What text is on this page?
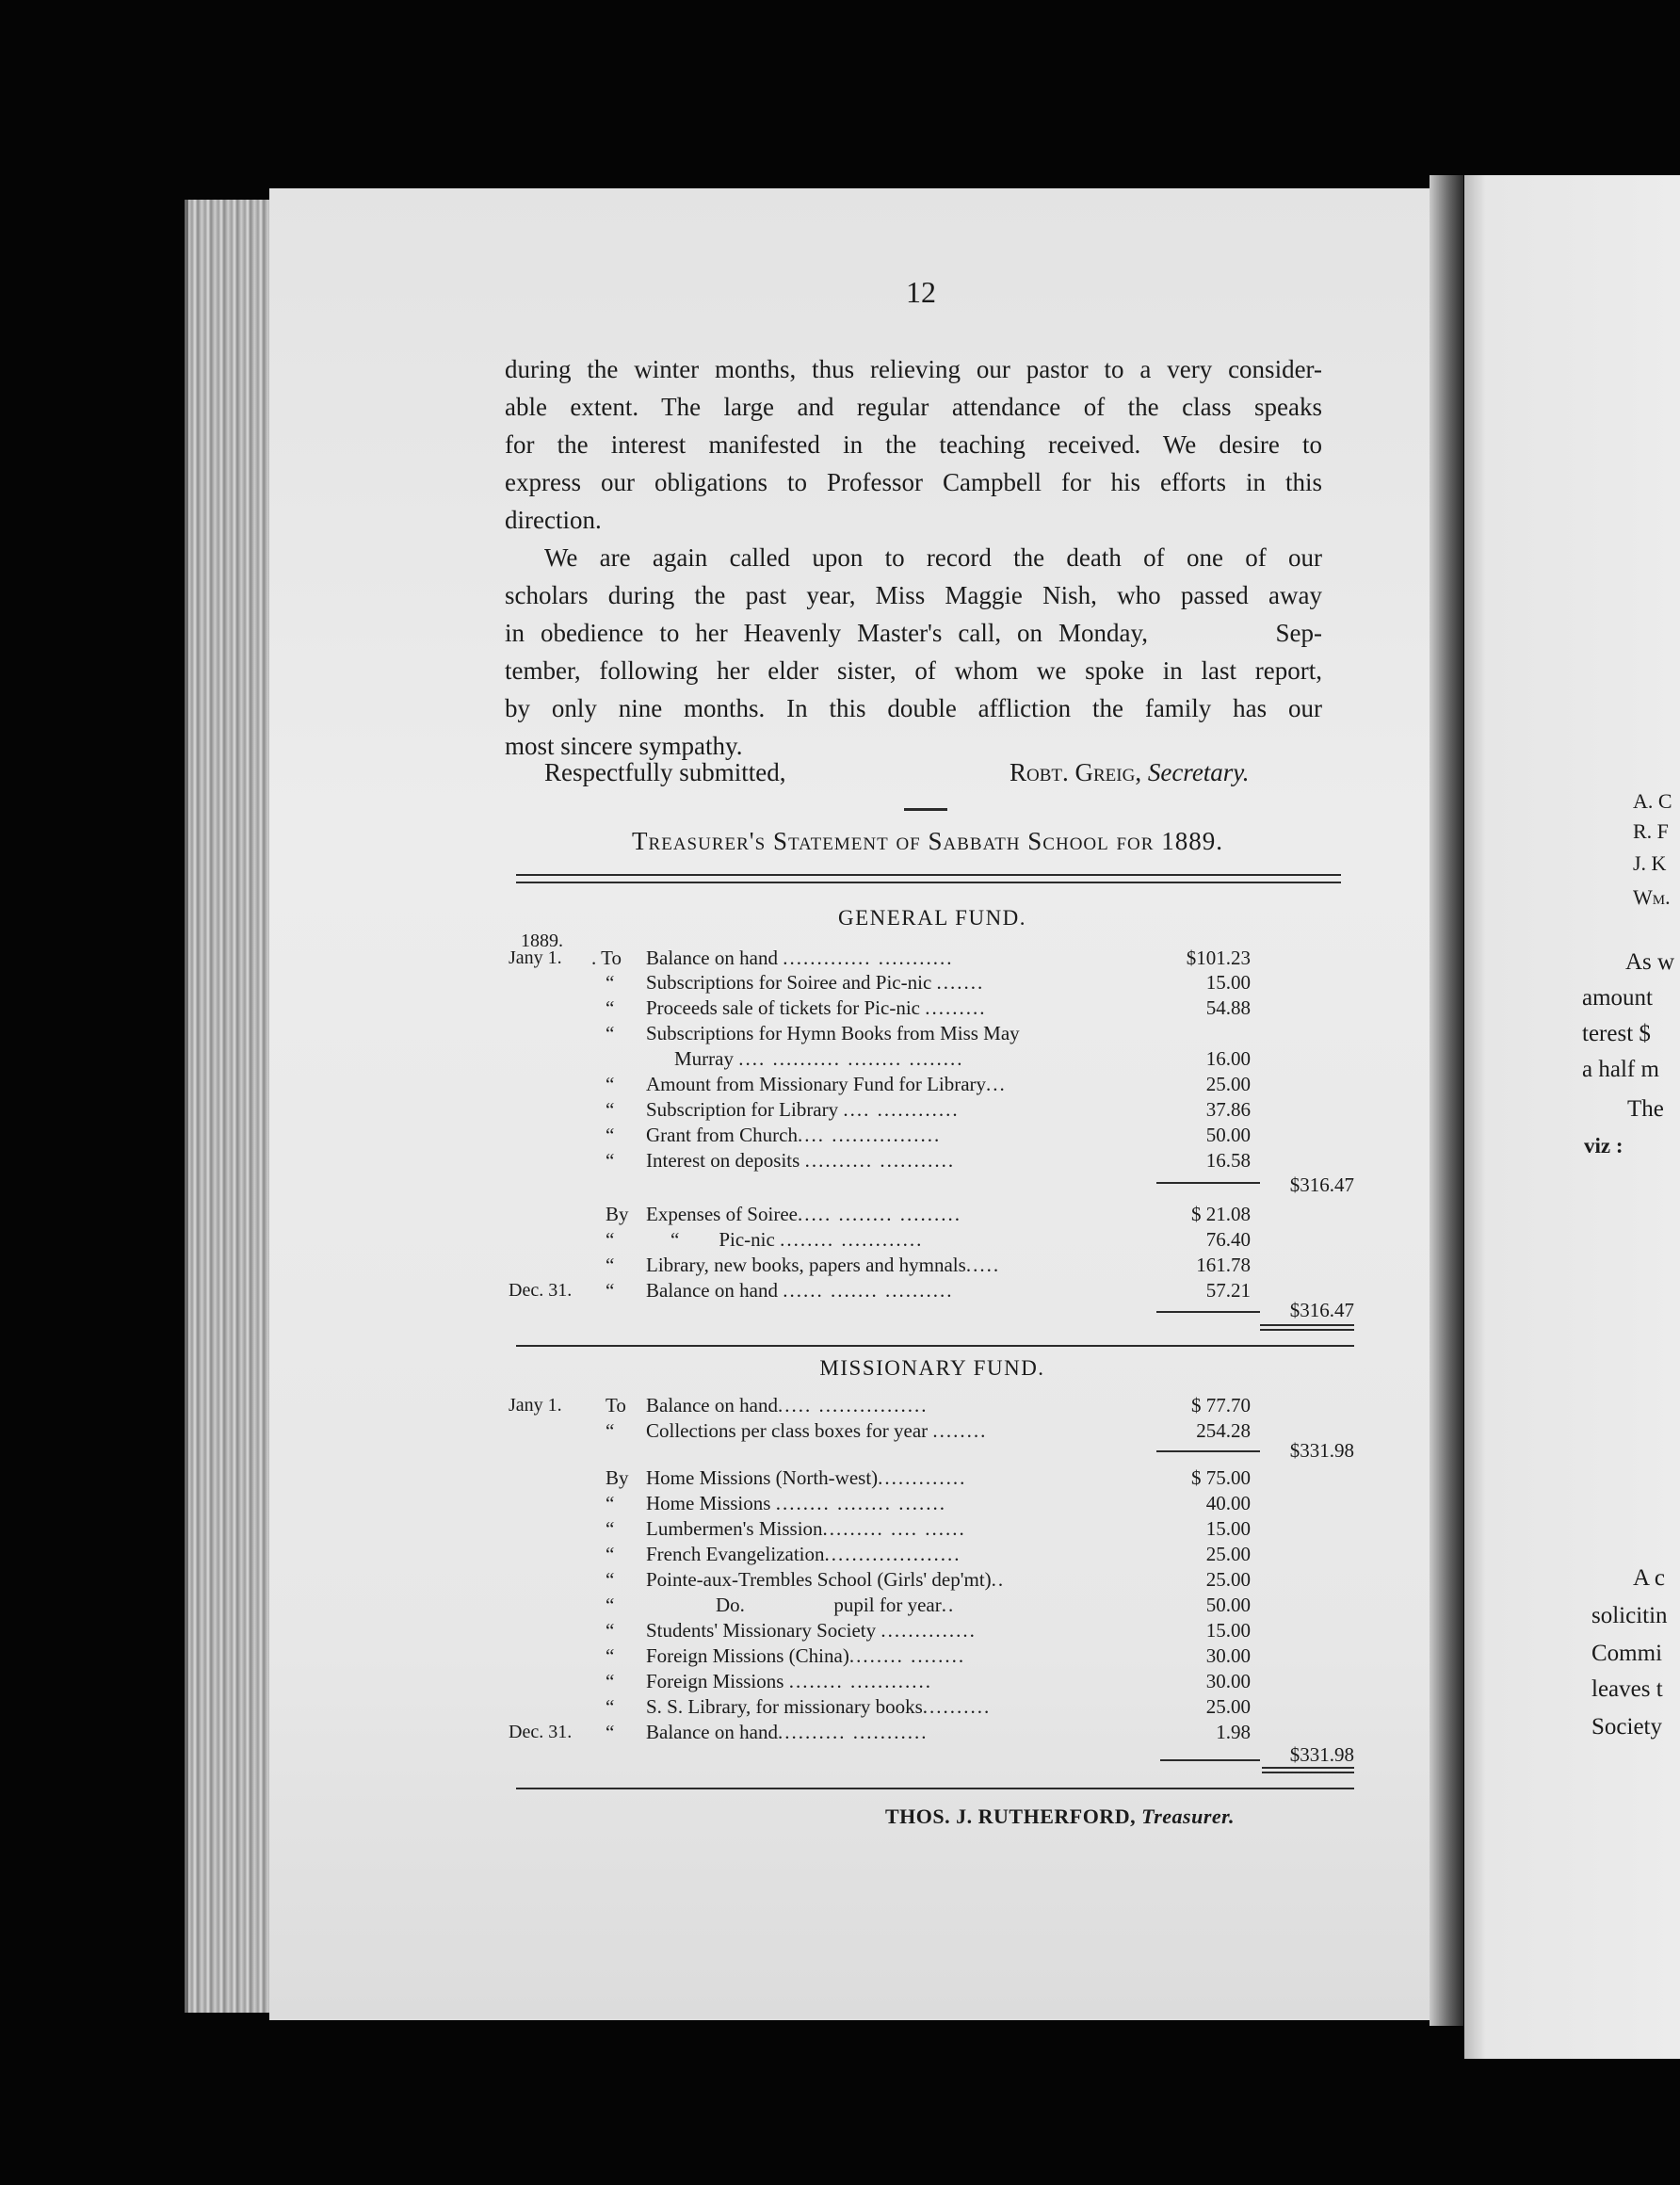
12
during the winter months, thus relieving our pastor to a very consider-
able extent. The large and regular attendance of the class speaks
for the interest manifested in the teaching received. We desire to
express our obligations to Professor Campbell for his efforts in this
direction.
We are again called upon to record the death of one of our
scholars during the past year, Miss Maggie Nish, who passed away
in obedience to her Heavenly Master's call, on Monday,        Sep-
tember, following her elder sister, of whom we spoke in last report,
by only nine months. In this double affliction the family has our
most sincere sympathy.
Respectfully submitted,	Robt. Greig, Secretary.
Treasurer's Statement of Sabbath School for 1889.
GENERAL FUND.
1889.
Jany 1. . To Balance on hand ............. ...........	$101.23
“ Subscriptions for Soiree and Pic-nic .......	15.00
“ Proceeds sale of tickets for Pic-nic .........	54.88
“ Subscriptions for Hymn Books from Miss May
Murray .... .......... ........ ........	16.00
“ Amount from Missionary Fund for Library...	25.00
“ Subscription for Library .... ............	37.86
“ Grant from Church.... ................	50.00
“ Interest on deposits .......... ...........	16.58
$316.47
By Expenses of Soiree..... ........ .........	$ 21.08
“	“        Pic-nic ........ ............	76.40
“ Library, new books, papers and hymnals.....	161.78
Dec. 31. “ Balance on hand ...... ....... ..........	57.21
$316.47
MISSIONARY FUND.
Jany 1. To Balance on hand..... ................	$ 77.70
“ Collections per class boxes for year ........	254.28
$331.98
By Home Missions (North-west).............	$ 75.00
“ Home Missions ........ ........ .......	40.00
“ Lumbermen's Mission......... .... ......	15.00
“ French Evangelization....................	25.00
“ Pointe-aux-Trembles School (Girls' dep'mt)..	25.00
“	Do.                  pupil for year..	50.00
“ Students' Missionary Society ..............	15.00
“ Foreign Missions (China)........ ........	30.00
“ Foreign Missions ........ ............	30.00
“ S. S. Library, for missionary books..........	25.00
Dec. 31. “ Balance on hand.......... ...........	1.98
$331.98
THOS. J. RUTHERFORD, Treasurer.
A. C
R. F
J. K
Wm.
As w
amount
terest $
a half m
The
viz :
A c
solicitin
Commi
leaves t
Society
